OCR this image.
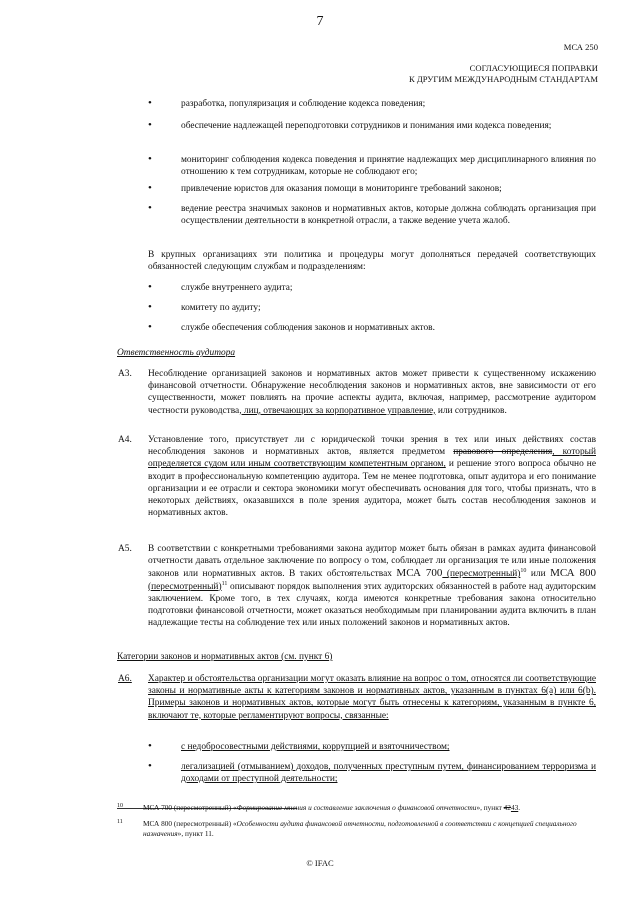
7
МСА 250
СОГЛАСУЮЩИЕСЯ ПОПРАВКИ
К ДРУГИМ МЕЖДУНАРОДНЫМ СТАНДАРТАМ
•	разработка, популяризация и соблюдение кодекса поведения;
•	обеспечение надлежащей переподготовки сотрудников и понимания ими кодекса поведения;
•	мониторинг соблюдения кодекса поведения и принятие надлежащих мер дисциплинарного влияния по отношению к тем сотрудникам, которые не соблюдают его;
•	привлечение юристов для оказания помощи в мониторинге требований законов;
•	ведение реестра значимых законов и нормативных актов, которые должна соблюдать организация при осуществлении деятельности в конкретной отрасли, а также ведение учета жалоб.
В крупных организациях эти политика и процедуры могут дополняться передачей соответствующих обязанностей следующим службам и подразделениям:
•	службе внутреннего аудита;
•	комитету по аудиту;
•	службе обеспечения соблюдения законов и нормативных актов.
Ответственность аудитора
А3. Несоблюдение организацией законов и нормативных актов может привести к существенному искажению финансовой отчетности. Обнаружение несоблюдения законов и нормативных актов, вне зависимости от его существенности, может повлиять на прочие аспекты аудита, включая, например, рассмотрение аудитором честности руководства, лиц, отвечающих за корпоративное управление, или сотрудников.
А4. Установление того, присутствует ли с юридической точки зрения в тех или иных действиях состав несоблюдения законов и нормативных актов, является предметом правового определения, который определяется судом или иным соответствующим компетентным органом, и решение этого вопроса обычно не входит в профессиональную компетенцию аудитора. Тем не менее подготовка, опыт аудитора и его понимание организации и ее отрасли и сектора экономики могут обеспечивать основания для того, чтобы признать, что в некоторых действиях, оказавшихся в поле зрения аудитора, может быть состав несоблюдения законов и нормативных актов.
А5. В соответствии с конкретными требованиями закона аудитор может быть обязан в рамках аудита финансовой отчетности давать отдельное заключение по вопросу о том, соблюдает ли организация те или иные положения законов или нормативных актов. В таких обстоятельствах МСА 700 (пересмотренный)$^{10}$ или МСА 800 (пересмотренный)$^{11}$ описывают порядок выполнения этих аудиторских обязанностей в работе над аудиторским заключением. Кроме того, в тех случаях, когда имеются конкретные требования закона относительно подготовки финансовой отчетности, может оказаться необходимым при планировании аудита включить в план надлежащие тесты на соблюдение тех или иных положений законов и нормативных актов.
Категории законов и нормативных актов (см. пункт 6)
А6. Характер и обстоятельства организации могут оказать влияние на вопрос о том, относятся ли соответствующие законы и нормативные акты к категориям законов и нормативных актов, указанным в пунктах 6(a) или 6(b). Примеры законов и нормативных актов, которые могут быть отнесены к категориям, указанным в пункте 6, включают те, которые регламентируют вопросы, связанные:
•	с недобросовестными действиями, коррупцией и взяточничеством;
•	легализацией (отмыванием) доходов, полученных преступным путем, финансированием терроризма и доходами от преступной деятельности;
10	МСА 700 (пересмотренный) «Формирование мнения и составление заключения о финансовой отчетности», пункт 4243.
11	МСА 800 (пересмотренный) «Особенности аудита финансовой отчетности, подготовленной в соответствии с концепцией специального назначения», пункт 11.
© IFAC
